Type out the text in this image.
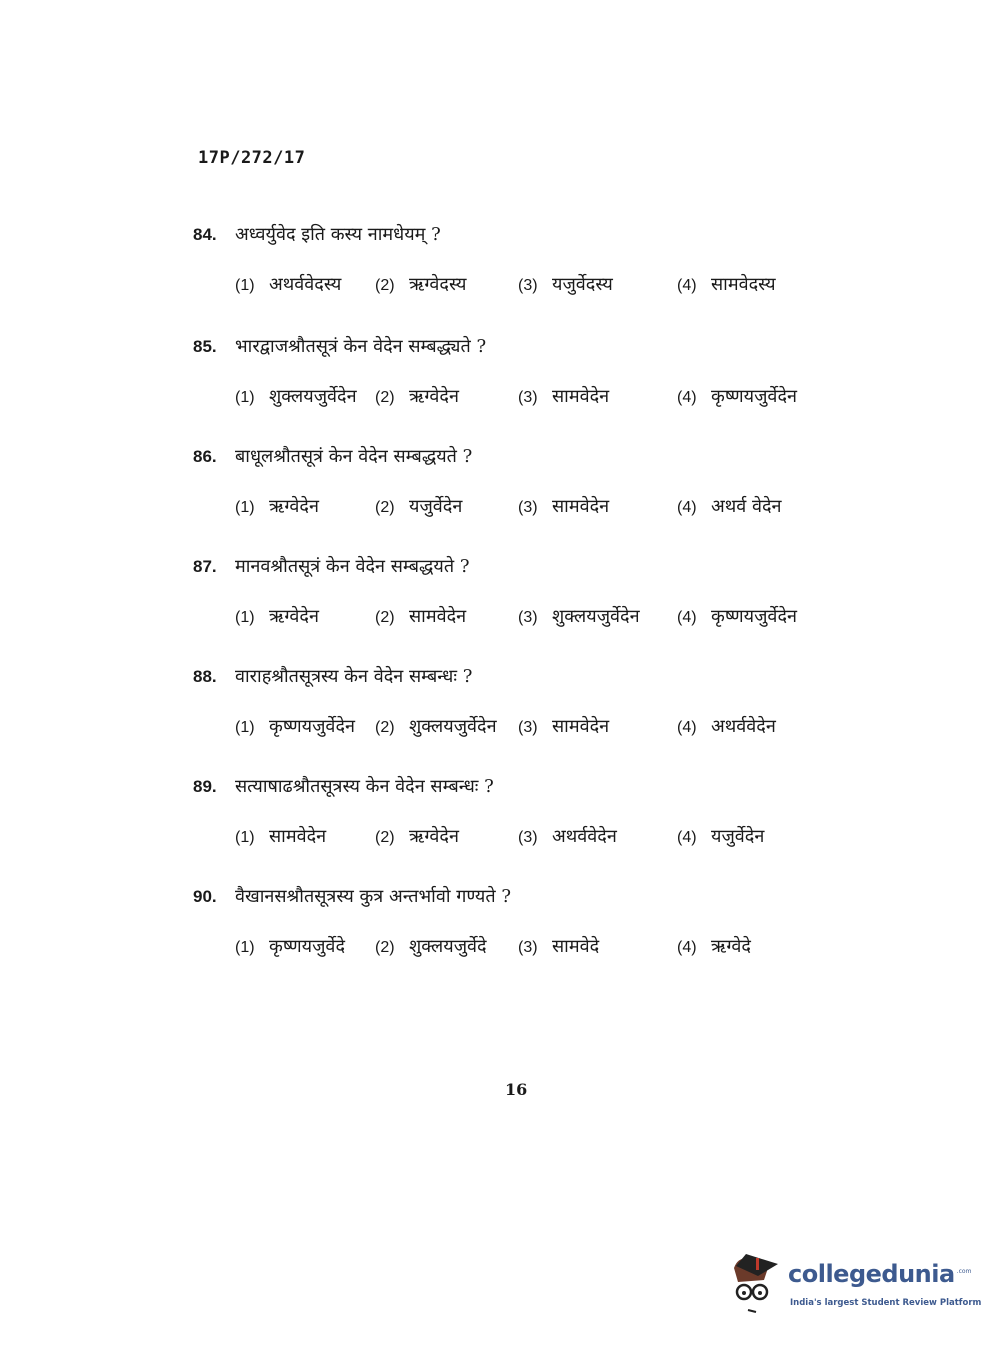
17P/272/17
84.	अध्वर्युवेद इति कस्य नामधेयम् ?
(1) अथर्ववेदस्य (2) ऋग्वेदस्य	(3) यजुर्वेदस्य	(4) सामवेदस्य
85.	भारद्वाजश्रौतसूत्रं केन वेदेन सम्बद्ध्यते ?
(1) शुक्लयजुर्वेदेन (2) ऋग्वेदेन	(3) सामवेदेन	(4) कृष्णयजुर्वेदेन
86.	बाधूलश्रौतसूत्रं केन वेदेन सम्बद्धयते ?
(1) ऋग्वेदेन	(2) यजुर्वेदेन	(3) सामवेदेन	(4) अथर्व वेदेन
87.	मानवश्रौतसूत्रं केन वेदेन सम्बद्धयते ?
(1) ऋग्वेदेन	(2) सामवेदेन	(3) शुक्लयजुर्वेदेन (4) कृष्णयजुर्वेदेन
88.	वाराहश्रौतसूत्रस्य केन वेदेन सम्बन्धः ?
(1) कृष्णयजुर्वेदेन (2) शुक्लयजुर्वेदेन (3) सामवेदेन	(4) अथर्ववेदेन
89.	सत्याषाढश्रौतसूत्रस्य केन वेदेन सम्बन्धः ?
(1) सामवेदेन	(2) ऋग्वेदेन	(3) अथर्ववेदेन	(4) यजुर्वेदेन
90.	वैखानसश्रौतसूत्रस्य कुत्र अन्तर्भावो गण्यते ?
(1) कृष्णयजुर्वेदे (2) शुक्लयजुर्वेदे (3) सामवेदे	(4) ऋग्वेदे
16
collegedunia .com
India's largest Student Review Platform
